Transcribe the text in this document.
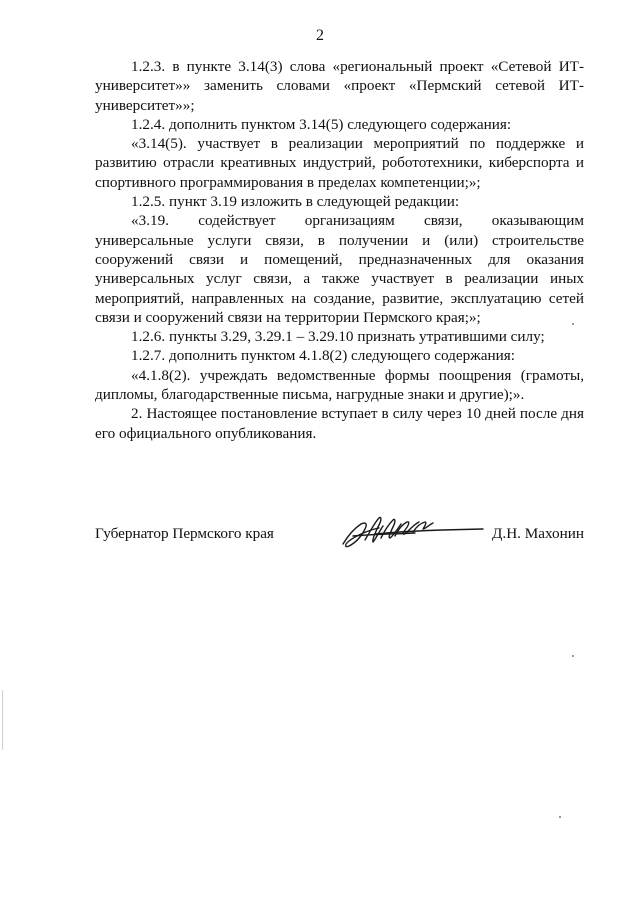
2

1.2.3. в пункте 3.14(3) слова «региональный проект «Сетевой ИТ-университет»» заменить словами «проект «Пермский сетевой ИТ-университет»»;

1.2.4. дополнить пунктом 3.14(5) следующего содержания:

«3.14(5). участвует в реализации мероприятий по поддержке и развитию отрасли креативных индустрий, робототехники, киберспорта и спортивного программирования в пределах компетенции;»;

1.2.5. пункт 3.19 изложить в следующей редакции:

«3.19. содействует организациям связи, оказывающим универсальные услуги связи, в получении и (или) строительстве сооружений связи и помещений, предназначенных для оказания универсальных услуг связи, а также участвует в реализации иных мероприятий, направленных на создание, развитие, эксплуатацию сетей связи и сооружений связи на территории Пермского края;»;

1.2.6. пункты 3.29, 3.29.1 – 3.29.10 признать утратившими силу;

1.2.7. дополнить пунктом 4.1.8(2) следующего содержания:

«4.1.8(2). учреждать ведомственные формы поощрения (грамоты, дипломы, благодарственные письма, нагрудные знаки и другие);».

2. Настоящее постановление вступает в силу через 10 дней после дня его официального опубликования.

Губернатор Пермского края	Д.Н. Махонин
